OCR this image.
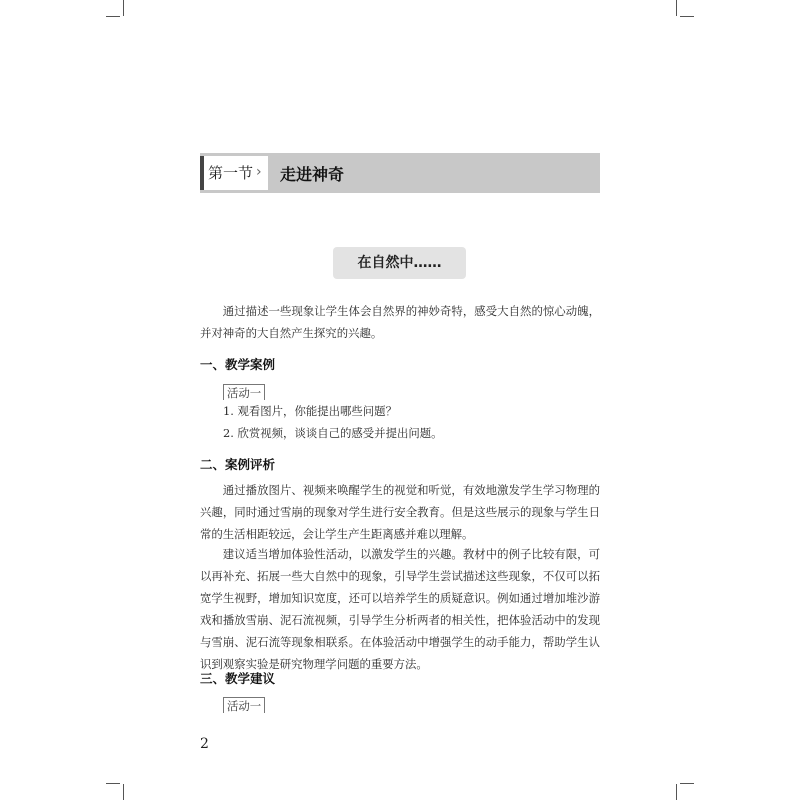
第一节 › 走进神奇
在自然中……

通过描述一些现象让学生体会自然界的神妙奇特，感受大自然的惊心动魄，并对神奇的大自然产生探究的兴趣。

一、教学案例
活动一
1. 观看图片，你能提出哪些问题？
2. 欣赏视频，谈谈自己的感受并提出问题。
二、案例评析

通过播放图片、视频来唤醒学生的视觉和听觉，有效地激发学生学习物理的兴趣，同时通过雪崩的现象对学生进行安全教育。但是这些展示的现象与学生日常的生活相距较远，会让学生产生距离感并难以理解。

建议适当增加体验性活动，以激发学生的兴趣。教材中的例子比较有限，可以再补充、拓展一些大自然中的现象，引导学生尝试描述这些现象，不仅可以拓宽学生视野，增加知识宽度，还可以培养学生的质疑意识。例如通过增加堆沙游戏和播放雪崩、泥石流视频，引导学生分析两者的相关性，把体验活动中的发现与雪崩、泥石流等现象相联系。在体验活动中增强学生的动手能力，帮助学生认识到观察实验是研究物理学问题的重要方法。

三、教学建议
活动一
2
